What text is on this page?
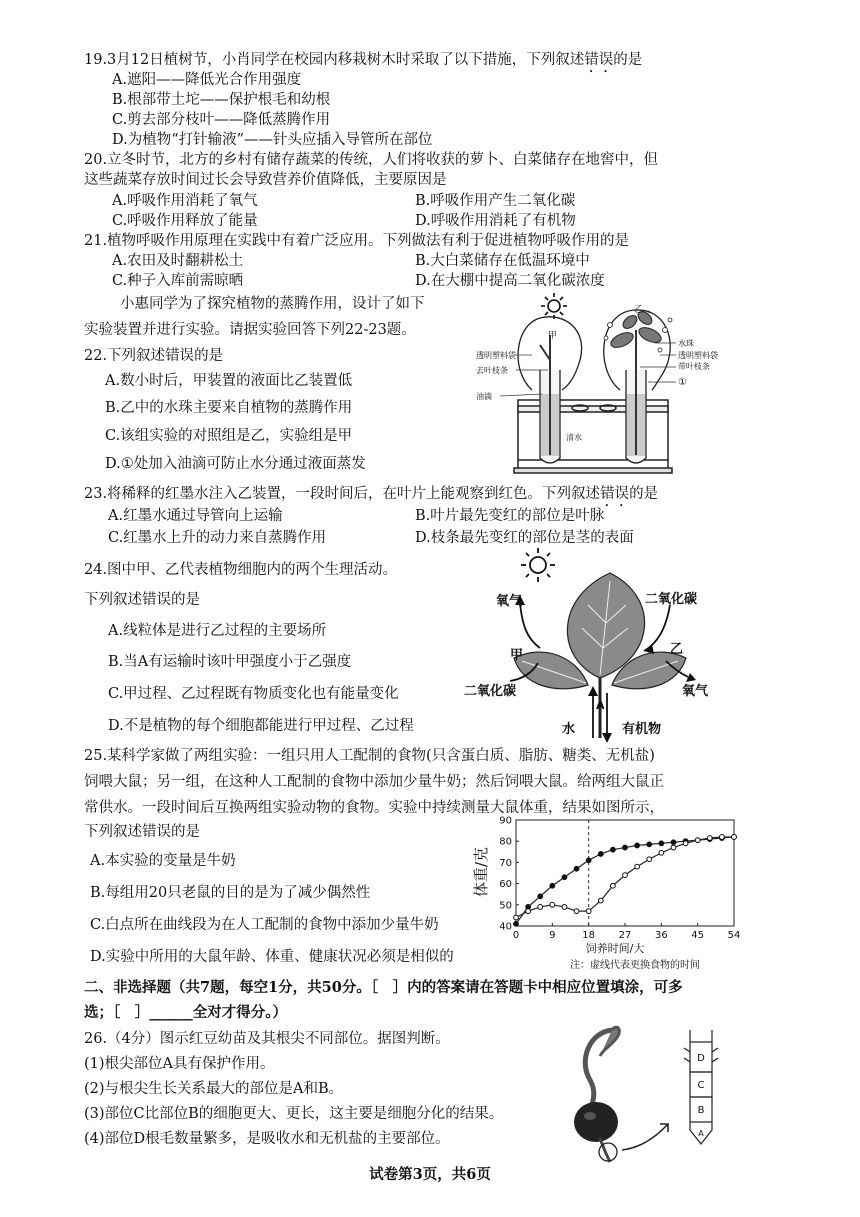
19.3月12日植树节，小肖同学在校园内移栽树木时采取了以下措施，下列叙述错误的是
A.遮阳——降低光合作用强度
B.根部带土坨——保护根毛和幼根
C.剪去部分枝叶——降低蒸腾作用
D.为植物“打针输液”——针头应插入导管所在部位
20.立冬时节，北方的乡村有储存蔬菜的传统，人们将收获的萝卜、白菜储存在地窖中，但
这些蔬菜存放时间过长会导致营养价值降低，主要原因是
A.呼吸作用消耗了氧气	B.呼吸作用产生二氧化碳
C.呼吸作用释放了能量	D.呼吸作用消耗了有机物
21.植物呼吸作用原理在实践中有着广泛应用。下列做法有利于促进植物呼吸作用的是
A.农田及时翻耕松土	B.大白菜储存在低温环境中
C.种子入库前需晾晒	D.在大棚中提高二氧化碳浓度
小惠同学为了探究植物的蒸腾作用，设计了如下
实验装置并进行实验。请据实验回答下列22-23题。
22.下列叙述错误的是
A.数小时后，甲装置的液面比乙装置低
B.乙中的水珠主要来自植物的蒸腾作用
C.该组实验的对照组是乙，实验组是甲
D.①处加入油滴可防止水分通过液面蒸发
甲
乙
透明塑料袋
去叶枝条
油滴
清水
水珠
透明塑料袋
带叶枝条
①
23.将稀释的红墨水注入乙装置，一段时间后，在叶片上能观察到红色。下列叙述错误的是
A.红墨水通过导管向上运输	B.叶片最先变红的部位是叶脉
C.红墨水上升的动力来自蒸腾作用	D.枝条最先变红的部位是茎的表面
24.图中甲、乙代表植物细胞内的两个生理活动。
下列叙述错误的是
A.线粒体是进行乙过程的主要场所
B.当A有运输时该叶甲强度小于乙强度
C.甲过程、乙过程既有物质变化也有能量变化
D.不是植物的每个细胞都能进行甲过程、乙过程
氧气	二氧化碳
甲	乙
二氧化碳	氧气
水	有机物
A
25.某科学家做了两组实验：一组只用人工配制的食物(只含蛋白质、脂肪、糖类、无机盐)
饲喂大鼠；另一组，在这种人工配制的食物中添加少量牛奶；然后饲喂大鼠。给两组大鼠正
常供水。一段时间后互换两组实验动物的食物。实验中持续测量大鼠体重，结果如图所示，
下列叙述错误的是
A.本实验的变量是牛奶
B.每组用20只老鼠的目的是为了减少偶然性
C.白点所在曲线段为在人工配制的食物中添加少量牛奶
D.实验中所用的大鼠年龄、体重、健康状况必须是相似的
0	9	18 27 36 45 54
40
50
60
70
80
90
体重/克
饲养时间/大
注：虚线代表更换食物的时间
二、非选择题（共7题，每空1分，共50分。［　］内的答案请在答题卡中相应位置填涂，可多
选；［　］______全对才得分。）
26.（4分）图示红豆幼苗及其根尖不同部位。据图判断。
(1)根尖部位A具有保护作用。
(2)与根尖生长关系最大的部位是A和B。
(3)部位C比部位B的细胞更大、更长，这主要是细胞分化的结果。
(4)部位D根毛数量繁多，是吸收水和无机盐的主要部位。
D
C
B
A
试卷第3页，共6页
